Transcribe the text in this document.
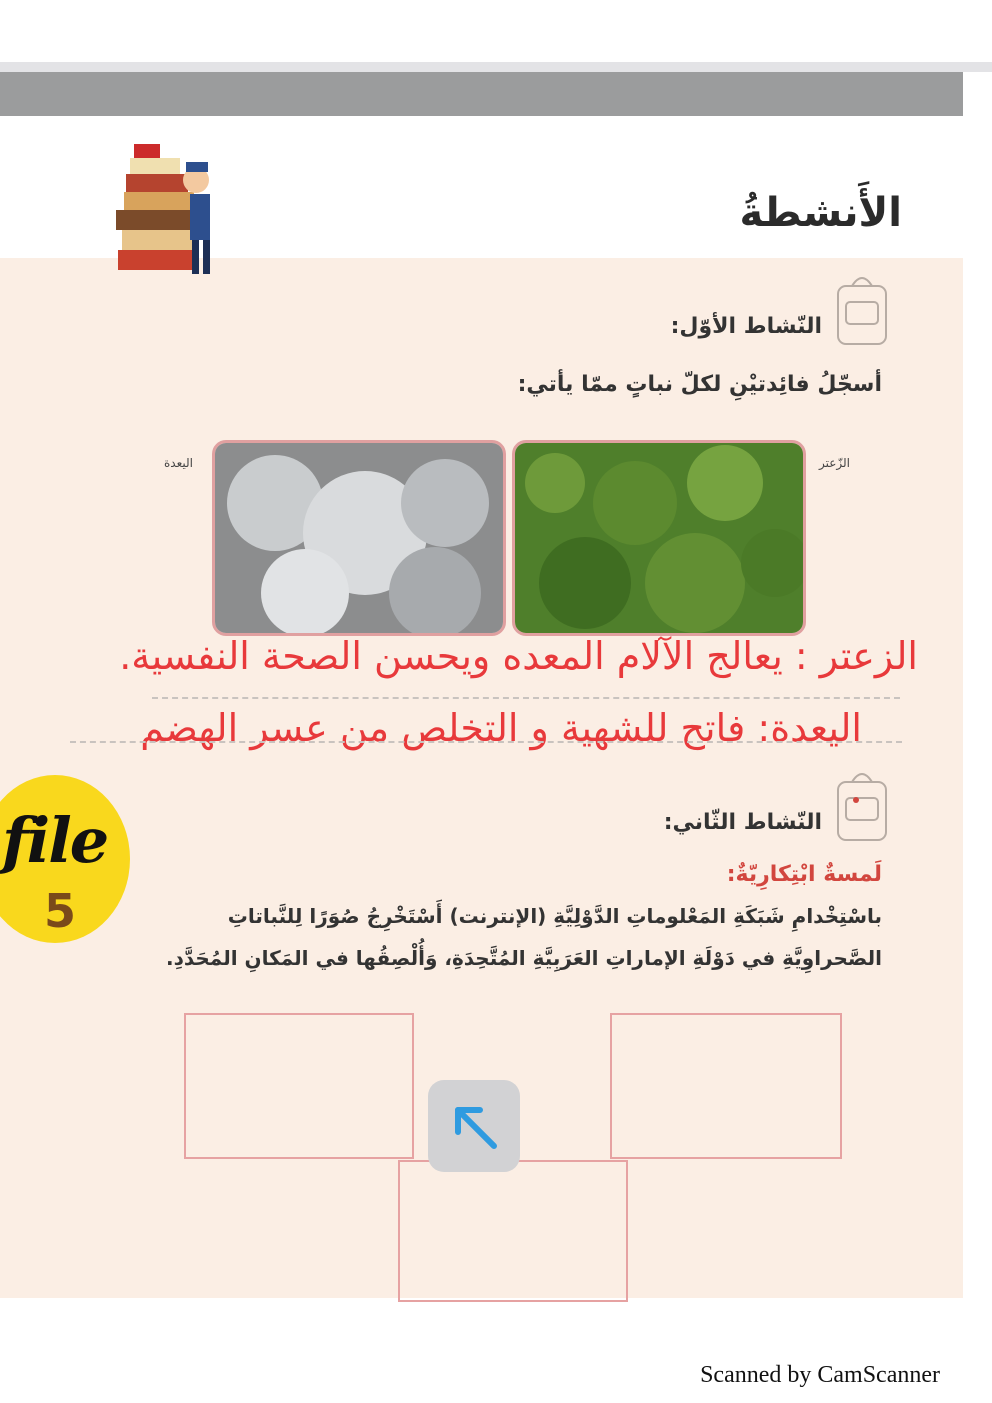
الأَنشطةُ
النّشاط الأوّل:
أسجّلُ فائِدتيْنِ لكلّ نباتٍ ممّا يأتي:
الزّعتر
اليعدة
الزعتر : يعالج الآلام المعده ويحسن الصحة النفسية.
اليعدة: فاتح للشهية و التخلص من عسر الهضم
النّشاط الثّاني:
لَمسةٌ ابْتِكارِيّةٌ:
باسْتِخْدامِ شَبَكَةِ المَعْلوماتِ الدَّوْلِيَّةِ (الإنترنت) أَسْتَخْرِجُ صُوَرًا لِلنَّباتاتِ
الصَّحراوِيَّةِ في دَوْلَةِ الإماراتِ العَرَبِيَّةِ المُتَّحِدَةِ، وَأُلْصِقُها في المَكانِ المُحَدَّدِ.
file
5
Scanned by CamScanner
